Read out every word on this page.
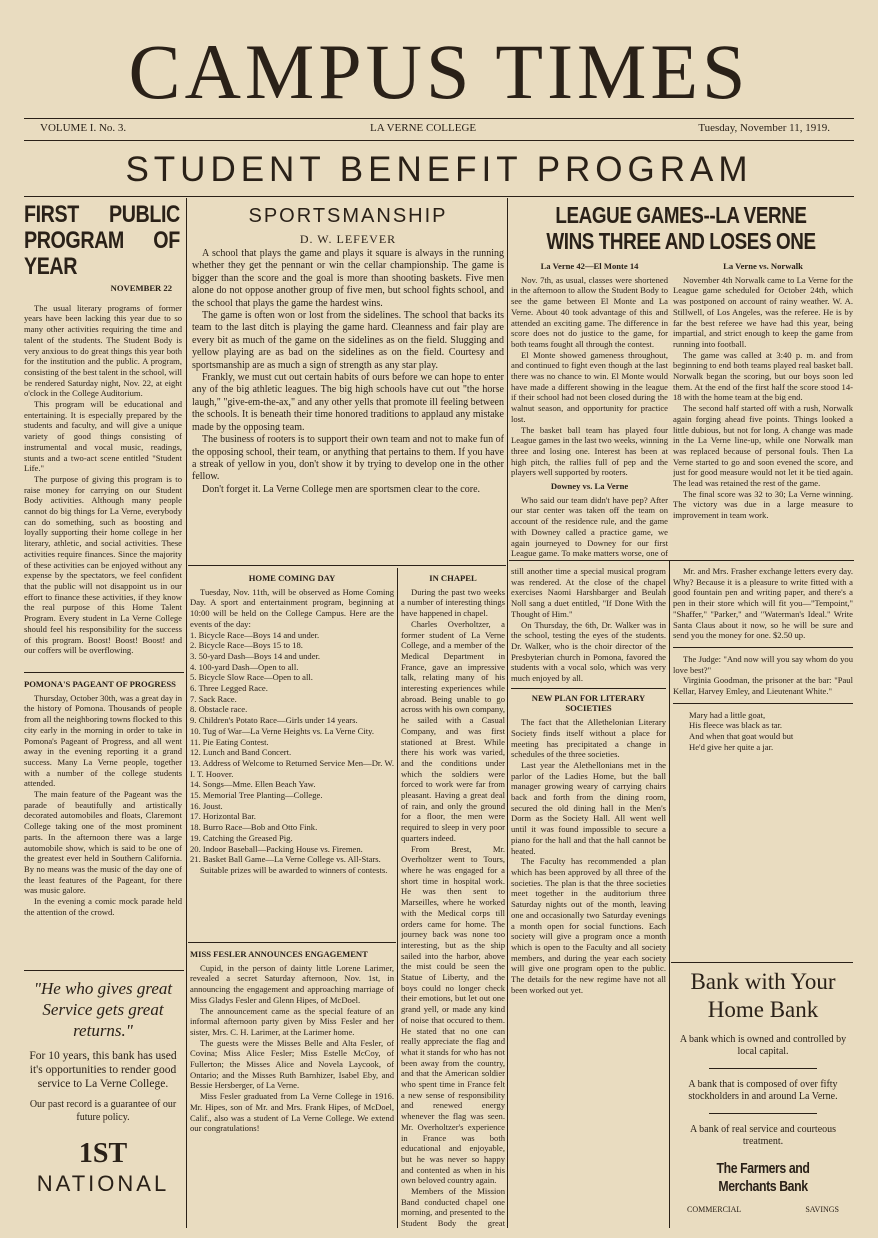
CAMPUS TIMES
VOLUME I. No. 3.	LA VERNE COLLEGE	Tuesday, November 11, 1919.
STUDENT BENEFIT PROGRAM
FIRST PUBLIC PROGRAM OF YEAR
NOVEMBER 22

The usual literary programs of former years have been lacking this year due to so many other activities requiring the time and talent of the students. The Student Body is very anxious to do great things this year both for the institution and the public. A program, consisting of the best talent in the school, will be rendered Saturday night, Nov. 22, at eight o'clock in the College Auditorium.

This program will be educational and entertaining. It is especially prepared by the students and faculty, and will give a unique variety of good things consisting of instrumental and vocal music, readings, stunts and a two-act scene entitled "Student Life."

The purpose of giving this program is to raise money for carrying on our Student Body activities. Although many people cannot do big things for La Verne, everybody can do something, such as boosting and loyally supporting their home college in her literary, athletic, and social activities. These activities require finances. Since the majority of these activities can be enjoyed without any expense by the spectators, we feel confident that the public will not disappoint us in our effort to finance these activities, if they know the real purpose of this Home Talent Program. Every student in La Verne College should feel his responsibility for the success of this program. Boost! Boost! Boost! and our coffers will be overflowing.

POMONA'S PAGEANT OF PROGRESS

Thursday, October 30th, was a great day in the history of Pomona. Thousands of people from all the neighboring towns flocked to this city early in the morning in order to take in Pomona's Pageant of Progress, and all went away in the evening reporting it a grand success. Many La Verne people, together with a number of the college students attended.

The main feature of the Pageant was the parade of beautifully and artistically decorated automobiles and floats, Claremont College taking one of the most prominent parts. In the afternoon there was a large automobile show, which is said to be one of the greatest ever held in Southern California. By no means was the music of the day one of the least features of the Pageant, for there was music galore.

In the evening a comic mock parade held the attention of the crowd.

"He who gives great Service gets great returns."
For 10 years, this bank has used it's opportunities to render good service to La Verne College.
Our past record is a guarantee of our future policy.
1ST
NATIONAL
SPORTSMANSHIP
D. W. LEFEVER

A school that plays the game and plays it square is always in the running whether they get the pennant or win the cellar championship. The game is bigger than the score and the goal is more than shooting baskets. Five men alone do not oppose another group of five men, but school fights school, and the school that plays the game the hardest wins.

The game is often won or lost from the sidelines. The school that backs its team to the last ditch is playing the game hard. Cleanness and fair play are every bit as much of the game on the sidelines as on the field. Slugging and yellow playing are as bad on the sidelines as on the field. Courtesy and sportsmanship are as much a sign of strength as any star play.

Frankly, we must cut out certain habits of ours before we can hope to enter any of the big athletic leagues. The big high schools have cut out "the horse laugh," "give-em-the-ax," and any other yells that promote ill feeling between the schools. It is beneath their time honored traditions to applaud any mistake made by the opposing team.

The business of rooters is to support their own team and not to make fun of the opposing school, their team, or anything that pertains to them. If you have a streak of yellow in you, don't show it by trying to develop one in the other fellow.

Don't forget it. La Verne College men are sportsmen clear to the core.

HOME COMING DAY

Tuesday, Nov. 11th, will be observed as Home Coming Day. A sport and entertainment program, beginning at 10:00 will be held on the College Campus. Here are the events of the day:

1. Bicycle Race—Boys 14 and under.
2. Bicycle Race—Boys 15 to 18.
3. 50-yard Dash—Boys 14 and under.
4. 100-yard Dash—Open to all.
5. Bicycle Slow Race—Open to all.
6. Three Legged Race.
7. Sack Race.
8. Obstacle race.
9. Children's Potato Race—Girls under 14 years.
10. Tug of War—La Verne Heights vs. La Verne City.
11. Pie Eating Contest.
12. Lunch and Band Concert.
13. Address of Welcome to Returned Service Men—Dr. W. I. T. Hoover.
14. Songs—Mme. Ellen Beach Yaw.
15. Memorial Tree Planting—College.
16. Joust.
17. Horizontal Bar.
18. Burro Race—Bob and Otto Fink.
19. Catching the Greased Pig.
20. Indoor Baseball—Packing House vs. Firemen.
21. Basket Ball Game—La Verne College vs. All-Stars.

Suitable prizes will be awarded to winners of contests.

MISS FESLER ANNOUNCES ENGAGEMENT

Cupid, in the person of dainty little Lorene Larimer, revealed a secret Saturday afternoon, Nov. 1st, in announcing the engagement and approaching marriage of Miss Gladys Fesler and Glenn Hipes, of McDoel.

The announcement came as the special feature of an informal afternoon party given by Miss Fesler and her sister, Mrs. C. H. Larimer, at the Larimer home.

The guests were the Misses Belle and Alta Fesler, of Covina; Miss Alice Fesler; Miss Estelle McCoy, of Fullerton; the Misses Alice and Novela Laycook, of Ontario; and the Misses Ruth Barnhizer, Isabel Eby, and Bessie Hersberger, of La Verne.

Miss Fesler graduated from La Verne College in 1916. Mr. Hipes, son of Mr. and Mrs. Frank Hipes, of McDoel, Calif., also was a student of La Verne College. We extend our congratulations!

IN CHAPEL

During the past two weeks a number of interesting things have happened in chapel.

Charles Overholtzer, a former student of La Verne College, and a member of the Medical Department in France, gave an impressive talk, relating many of his interesting experiences while abroad. Being unable to go across with his own company, he sailed with a Casual Company, and was first stationed at Brest. While there his work was varied, and the conditions under which the soldiers were forced to work were far from pleasant. Having a great deal of rain, and only the ground for a floor, the men were required to sleep in very poor quarters indeed.

From Brest, Mr. Overholtzer went to Tours, where he was engaged for a short time in hospital work. He was then sent to Marseilles, where he worked with the Medical corps till orders came for home. The journey back was none too interesting, but as the ship sailed into the harbor, above the mist could be seen the Statue of Liberty, and the boys could no longer check their emotions, but let out one grand yell, or made any kind of noise that occured to them. He stated that no one can really appreciate the flag and what it stands for who has not been away from the country, and that the American soldier who spent time in France felt a new sense of responsibility and renewed energy whenever the flag was seen. Mr. Overholtzer's experience in France was both educational and enjoyable, but he was never so happy and contented as when in his own beloved country again.

Members of the Mission Band conducted chapel one morning, and presented to the Student Body the great

LEAGUE GAMES--LA VERNE WINS THREE AND LOSES ONE
La Verne 42—El Monte 14

Nov. 7th, as usual, classes were shortened in the afternoon to allow the Student Body to see the game between El Monte and La Verne. About 40 took advantage of this and attended an exciting game. The difference in score does not do justice to the game, for both teams fought all through the contest.

El Monte showed gameness throughout, and continued to fight even though at the last there was no chance to win. El Monte would have made a different showing in the league if their school had not been closed during the walnut season, and opportunity for practice lost.

The basket ball team has played four League games in the last two weeks, winning three and losing one. Interest has been at high pitch, the rallies full of pep and the players well supported by rooters.

Downey vs. La Verne

Who said our team didn't have pep? After our star center was taken off the team on account of the residence rule, and the game with Downey called a practice game, we again journeyed to Downey for our first League game. To make matters worse, one of

La Verne vs. Norwalk

November 4th Norwalk came to La Verne for the League game scheduled for October 24th, which was postponed on account of rainy weather. W. A. Stillwell, of Los Angeles, was the referee. He is by far the best referee we have had this year, being impartial, and strict enough to keep the game from running into football.

The game was called at 3:40 p. m. and from beginning to end both teams played real basket ball. Norwalk began the scoring, but our boys soon led them. At the end of the first half the score stood 14-18 with the home team at the big end.

The second half started off with a rush, Norwalk again forging ahead five points. Things looked a little dubious, but not for long. A change was made in the La Verne line-up, while one Norwalk man was replaced because of personal fouls. Then La Verne started to go and soon evened the score, and just for good measure would not let it be tied again. The lead was retained the rest of the game.

The final score was 32 to 30; La Verne winning. The victory was due in a large measure to improvement in team work.

still another time a special musical program was rendered. At the close of the chapel exercises Naomi Harshbarger and Beulah Noll sang a duet entitled, "If Done With the Thought of Him."

On Thursday, the 6th, Dr. Walker was in the school, testing the eyes of the students. Dr. Walker, who is the choir director of the Presbyterian church in Pomona, favored the students with a vocal solo, which was very much enjoyed by all.

NEW PLAN FOR LITERARY SOCIETIES

The fact that the Allethelonian Literary Society finds itself without a place for meeting has precipitated a change in schedules of the three societies.

Last year the Alethellonians met in the parlor of the Ladies Home, but the ball manager growing weary of carrying chairs back and forth from the dining room, secured the old dining hall in the Men's Dorm as the Society Hall. All went well until it was found impossible to secure a piano for the hall and that the hall cannot be heated.

The Faculty has recommended a plan which has been approved by all three of the societies. The plan is that the three societies meet together in the auditorium three Saturday nights out of the month, leaving one and occasionally two Saturday evenings a month open for social functions. Each society will give a program once a month which is open to the Faculty and all society members, and during the year each society will give one program open to the public. The details for the new regime have not all been worked out yet.

Mr. and Mrs. Frasher exchange letters every day. Why? Because it is a pleasure to write fitted with a good fountain pen and writing paper, and there's a pen in their store which will fit you—"Tempoint," "Shaffer," "Parker," and "Waterman's Ideal." Write Santa Claus about it now, so he will be sure and send you the money for one. $2.50 up.

The Judge: "And now will you say whom do you love best?"

Virginia Goodman, the prisoner at the bar: "Paul Kellar, Harvey Emley, and Lieutenant White."

Mary had a little goat,
His fleece was black as tar.
And when that goat would but
He'd give her quite a jar.
Bank with Your
Home Bank
A bank which is owned and controlled by local capital.
A bank that is composed of over fifty stockholders in and around La Verne.
A bank of real service and courteous treatment.
The Farmers and Merchants Bank
COMMERCIAL	SAVINGS
